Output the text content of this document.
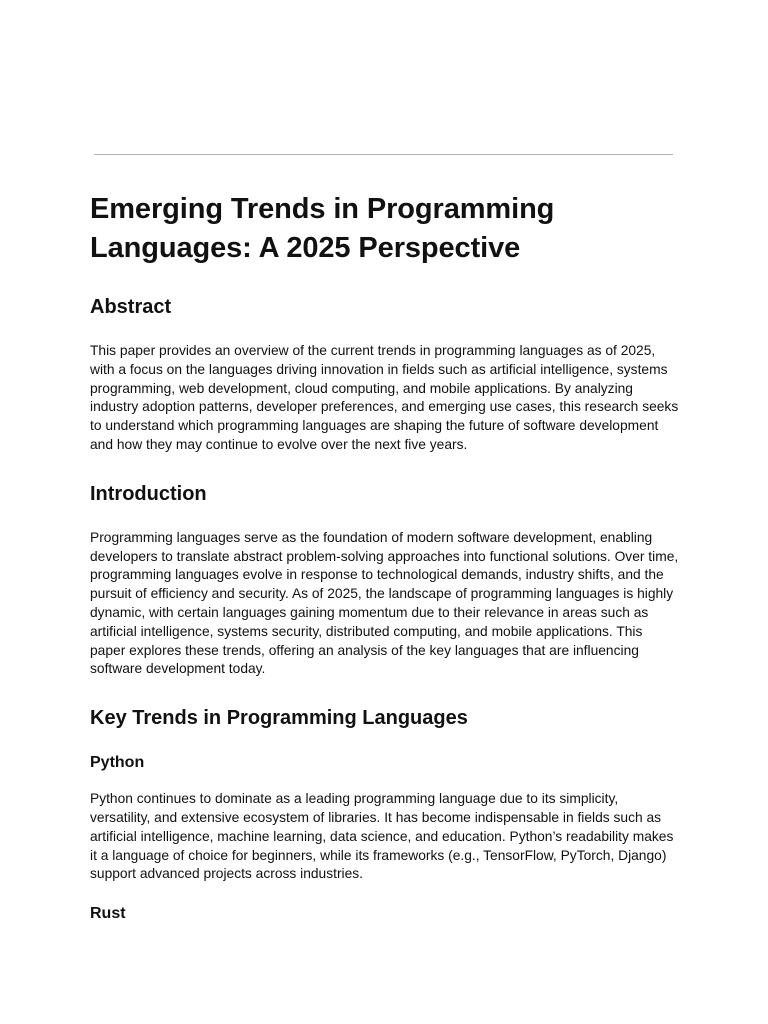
Emerging Trends in Programming Languages: A 2025 Perspective
Abstract

This paper provides an overview of the current trends in programming languages as of 2025, with a focus on the languages driving innovation in fields such as artificial intelligence, systems programming, web development, cloud computing, and mobile applications. By analyzing industry adoption patterns, developer preferences, and emerging use cases, this research seeks to understand which programming languages are shaping the future of software development and how they may continue to evolve over the next five years.

Introduction

Programming languages serve as the foundation of modern software development, enabling developers to translate abstract problem-solving approaches into functional solutions. Over time, programming languages evolve in response to technological demands, industry shifts, and the pursuit of efficiency and security. As of 2025, the landscape of programming languages is highly dynamic, with certain languages gaining momentum due to their relevance in areas such as artificial intelligence, systems security, distributed computing, and mobile applications. This paper explores these trends, offering an analysis of the key languages that are influencing software development today.

Key Trends in Programming Languages
Python

Python continues to dominate as a leading programming language due to its simplicity, versatility, and extensive ecosystem of libraries. It has become indispensable in fields such as artificial intelligence, machine learning, data science, and education. Python’s readability makes it a language of choice for beginners, while its frameworks (e.g., TensorFlow, PyTorch, Django) support advanced projects across industries.

Rust
